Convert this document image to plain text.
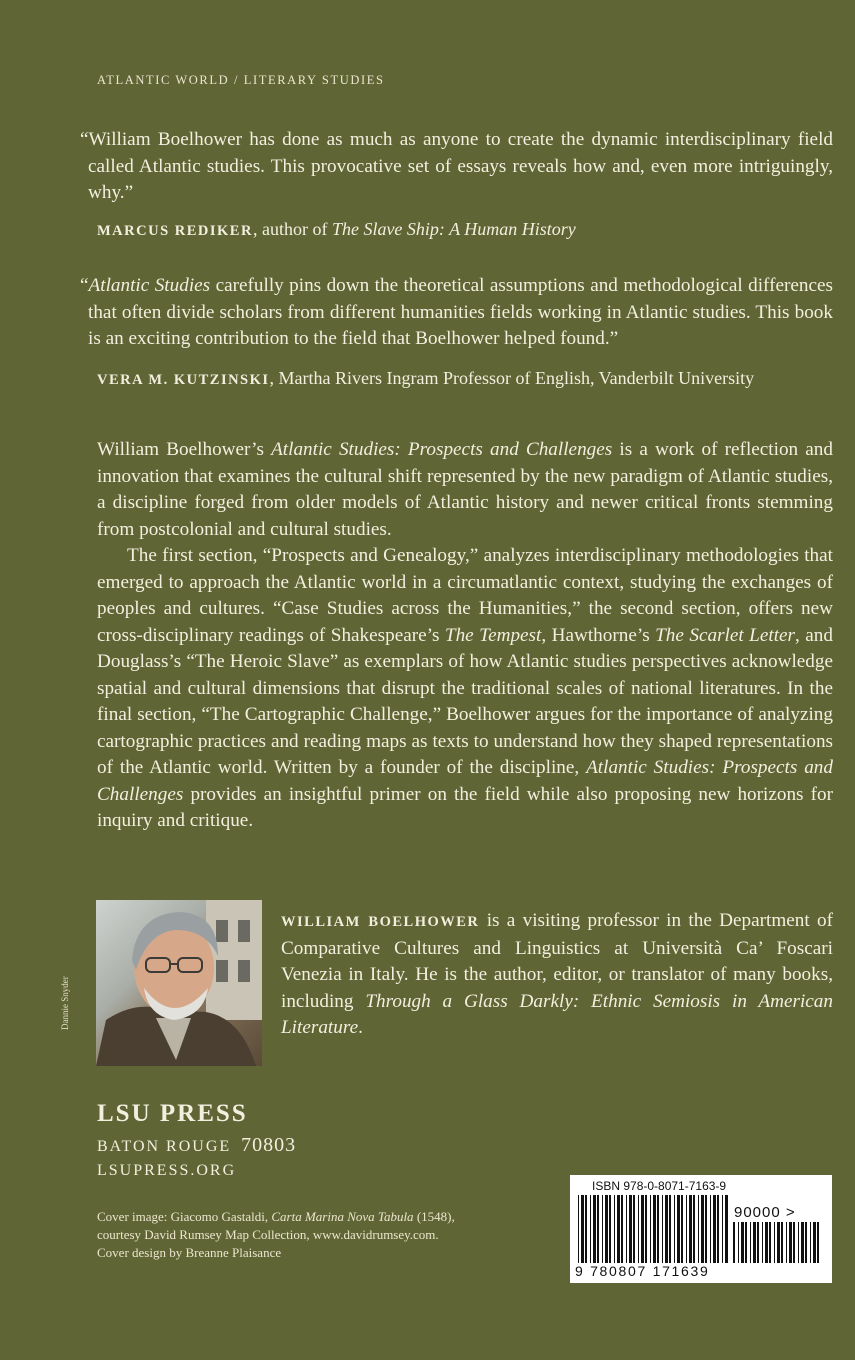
ATLANTIC WORLD / LITERARY STUDIES

“William Boelhower has done as much as anyone to create the dynamic interdisciplinary field called Atlantic studies. This provocative set of essays reveals how and, even more intriguingly, why.”

MARCUS REDIKER, author of The Slave Ship: A Human History

“Atlantic Studies carefully pins down the theoretical assumptions and methodological differences that often divide scholars from different humanities fields working in Atlantic studies. This book is an exciting contribution to the field that Boelhower helped found.”

VERA M. KUTZINSKI, Martha Rivers Ingram Professor of English, Vanderbilt University

William Boelhower’s Atlantic Studies: Prospects and Challenges is a work of reflection and innovation that examines the cultural shift represented by the new paradigm of Atlantic studies, a discipline forged from older models of Atlantic history and newer critical fronts stemming from postcolonial and cultural studies.

The first section, “Prospects and Genealogy,” analyzes interdisciplinary methodologies that emerged to approach the Atlantic world in a circumatlantic context, studying the exchanges of peoples and cultures. “Case Studies across the Humanities,” the second section, offers new cross-disciplinary readings of Shakespeare’s The Tempest, Hawthorne’s The Scarlet Letter, and Douglass’s “The Heroic Slave” as exemplars of how Atlantic studies perspectives acknowledge spatial and cultural dimensions that disrupt the traditional scales of national literatures. In the final section, “The Cartographic Challenge,” Boelhower argues for the importance of analyzing cartographic practices and reading maps as texts to understand how they shaped representations of the Atlantic world. Written by a founder of the discipline, Atlantic Studies: Prospects and Challenges provides an insightful primer on the field while also proposing new horizons for inquiry and critique.

Dannie Snyder

WILLIAM BOELHOWER is a visiting professor in the Department of Comparative Cultures and Linguistics at Università Ca’ Foscari Venezia in Italy. He is the author, editor, or translator of many books, including Through a Glass Darkly: Ethnic Semiosis in American Literature.

LSU PRESS
BATON ROUGE 70803
LSUPRESS.ORG

Cover image: Giacomo Gastaldi, Carta Marina Nova Tabula (1548),
courtesy David Rumsey Map Collection, www.davidrumsey.com.
Cover design by Breanne Plaisance

ISBN 978-0-8071-7163-9
90000 >
9 780807 171639
